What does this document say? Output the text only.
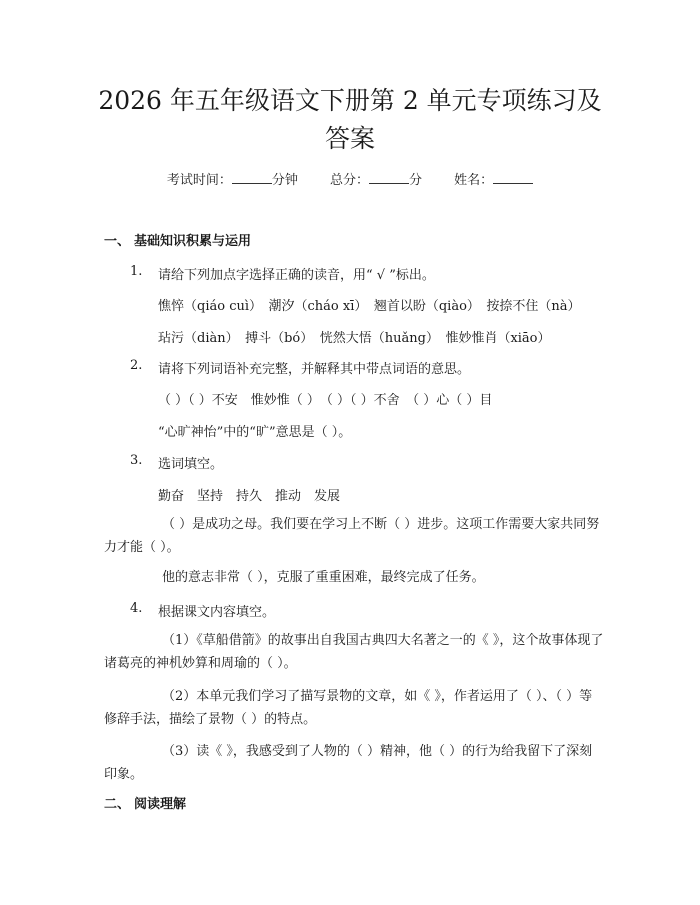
2026 年五年级语文下册第 2 单元专项练习及
答案
考试时间：	分钟 总分：	分 姓名：
一、 基础知识积累与运用
1. 请给下列加点字选择正确的读音，用“ √ ”标出。
憔悴（qiáo cuì）　潮汐（cháo xī）　翘首以盼（qiào）　按捺不住（nà）
玷污（diàn）　搏斗（bó）　恍然大悟（huǎng）　惟妙惟肖（xiāo）
2. 请将下列词语补充完整，并解释其中带点词语的意思。
（ ）（ ）不安　惟妙惟（ ）　（ ）（ ）不舍　（ ）心（ ）目
“心旷神怡”中的“旷”意思是（ ）。
3. 选词填空。
勤奋　坚持　持久　推动　发展
（ ）是成功之母。我们要在学习上不断（ ）进步。这项工作需要大家共同努力才能（ ）。
他的意志非常（ ），克服了重重困难，最终完成了任务。
4. 根据课文内容填空。
（1）《草船借箭》的故事出自我国古典四大名著之一的《 》，这个故事体现了诸葛亮的神机妙算和周瑜的（ ）。
（2）本单元我们学习了描写景物的文章，如《 》，作者运用了（ ）、（ ）等修辞手法，描绘了景物（ ）的特点。
（3）读《 》，我感受到了人物的（ ）精神，他（ ）的行为给我留下了深刻印象。
二、 阅读理解
